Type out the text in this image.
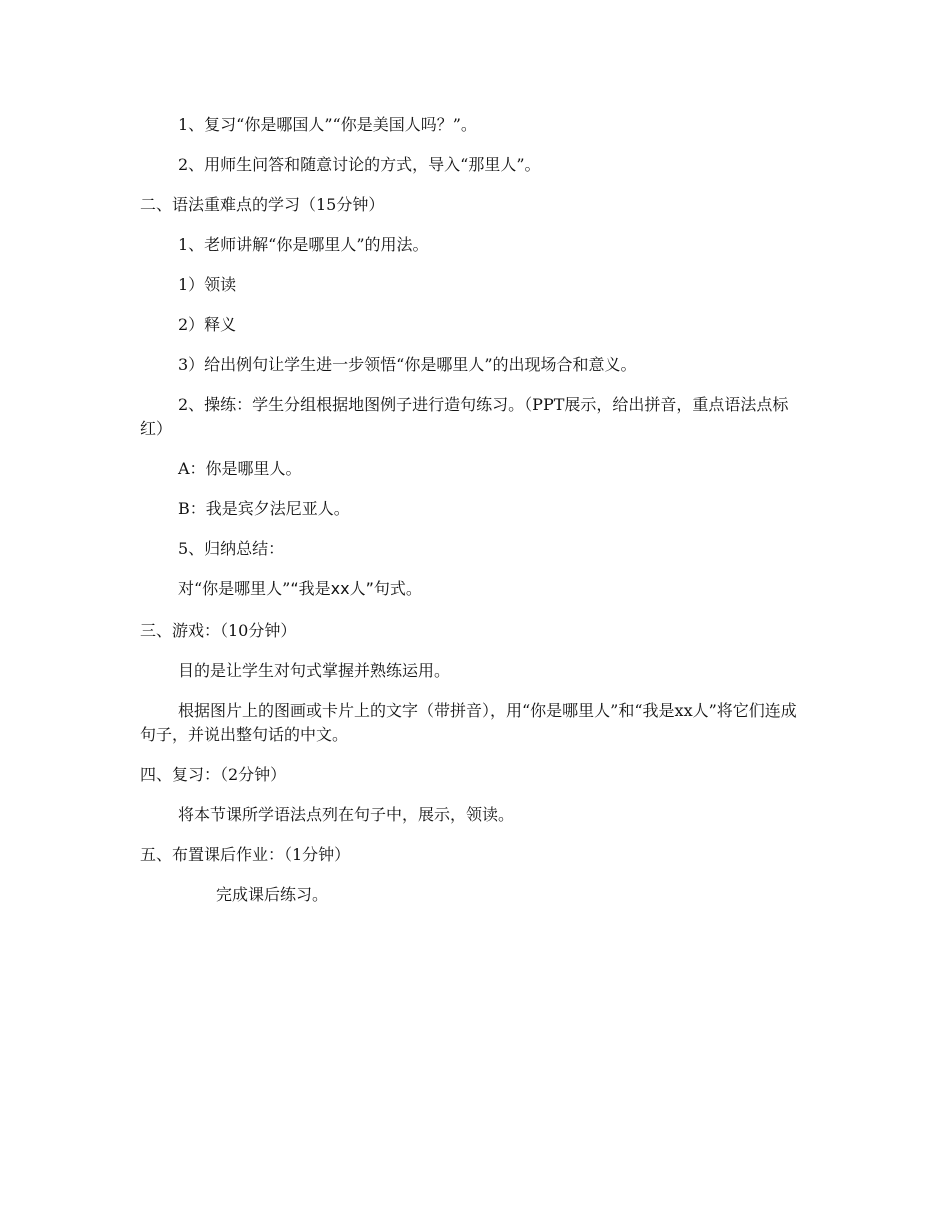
1、复习“你是哪国人”“你是美国人吗？”。
2、用师生问答和随意讨论的方式，导入“那里人”。
二、语法重难点的学习（15分钟）
1、老师讲解“你是哪里人”的用法。
1）领读
2）释义
3）给出例句让学生进一步领悟“你是哪里人”的出现场合和意义。
2、操练：学生分组根据地图例子进行造句练习。（PPT展示，给出拼音，重点语法点标红）
A：你是哪里人。
B：我是宾夕法尼亚人。
5、归纳总结：
对“你是哪里人”“我是xx人”句式。
三、游戏：（10分钟）
目的是让学生对句式掌握并熟练运用。
根据图片上的图画或卡片上的文字（带拼音），用“你是哪里人”和“我是xx人”将它们连成句子，并说出整句话的中文。
四、复习：（2分钟）
将本节课所学语法点列在句子中，展示，领读。
五、布置课后作业：（1分钟）
完成课后练习。
